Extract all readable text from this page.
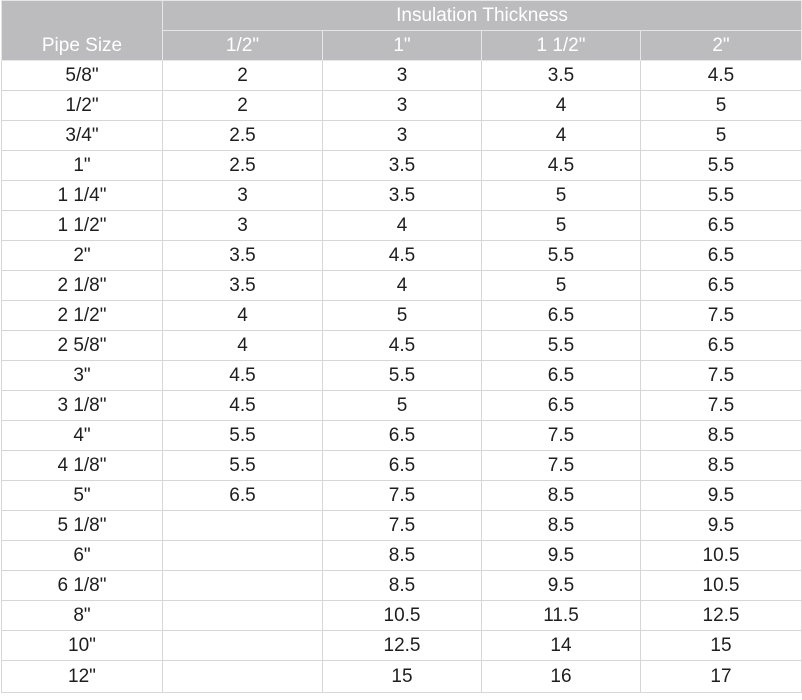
Pipe Size	Insulation Thickness			
	1/2"	1"	1 1/2"	2"
5/8"	2	3	3.5	4.5
1/2"	2	3	4	5
3/4"	2.5	3	4	5
1"	2.5	3.5	4.5	5.5
1 1/4"	3	3.5	5	5.5
1 1/2"	3	4	5	6.5
2"	3.5	4.5	5.5	6.5
2 1/8"	3.5	4	5	6.5
2 1/2"	4	5	6.5	7.5
2 5/8"	4	4.5	5.5	6.5
3"	4.5	5.5	6.5	7.5
3 1/8"	4.5	5	6.5	7.5
4"	5.5	6.5	7.5	8.5
4 1/8"	5.5	6.5	7.5	8.5
5"	6.5	7.5	8.5	9.5
5 1/8"		7.5	8.5	9.5
6"		8.5	9.5	10.5
6 1/8"		8.5	9.5	10.5
8"		10.5	11.5	12.5
10"		12.5	14	15
12"		15	16	17
